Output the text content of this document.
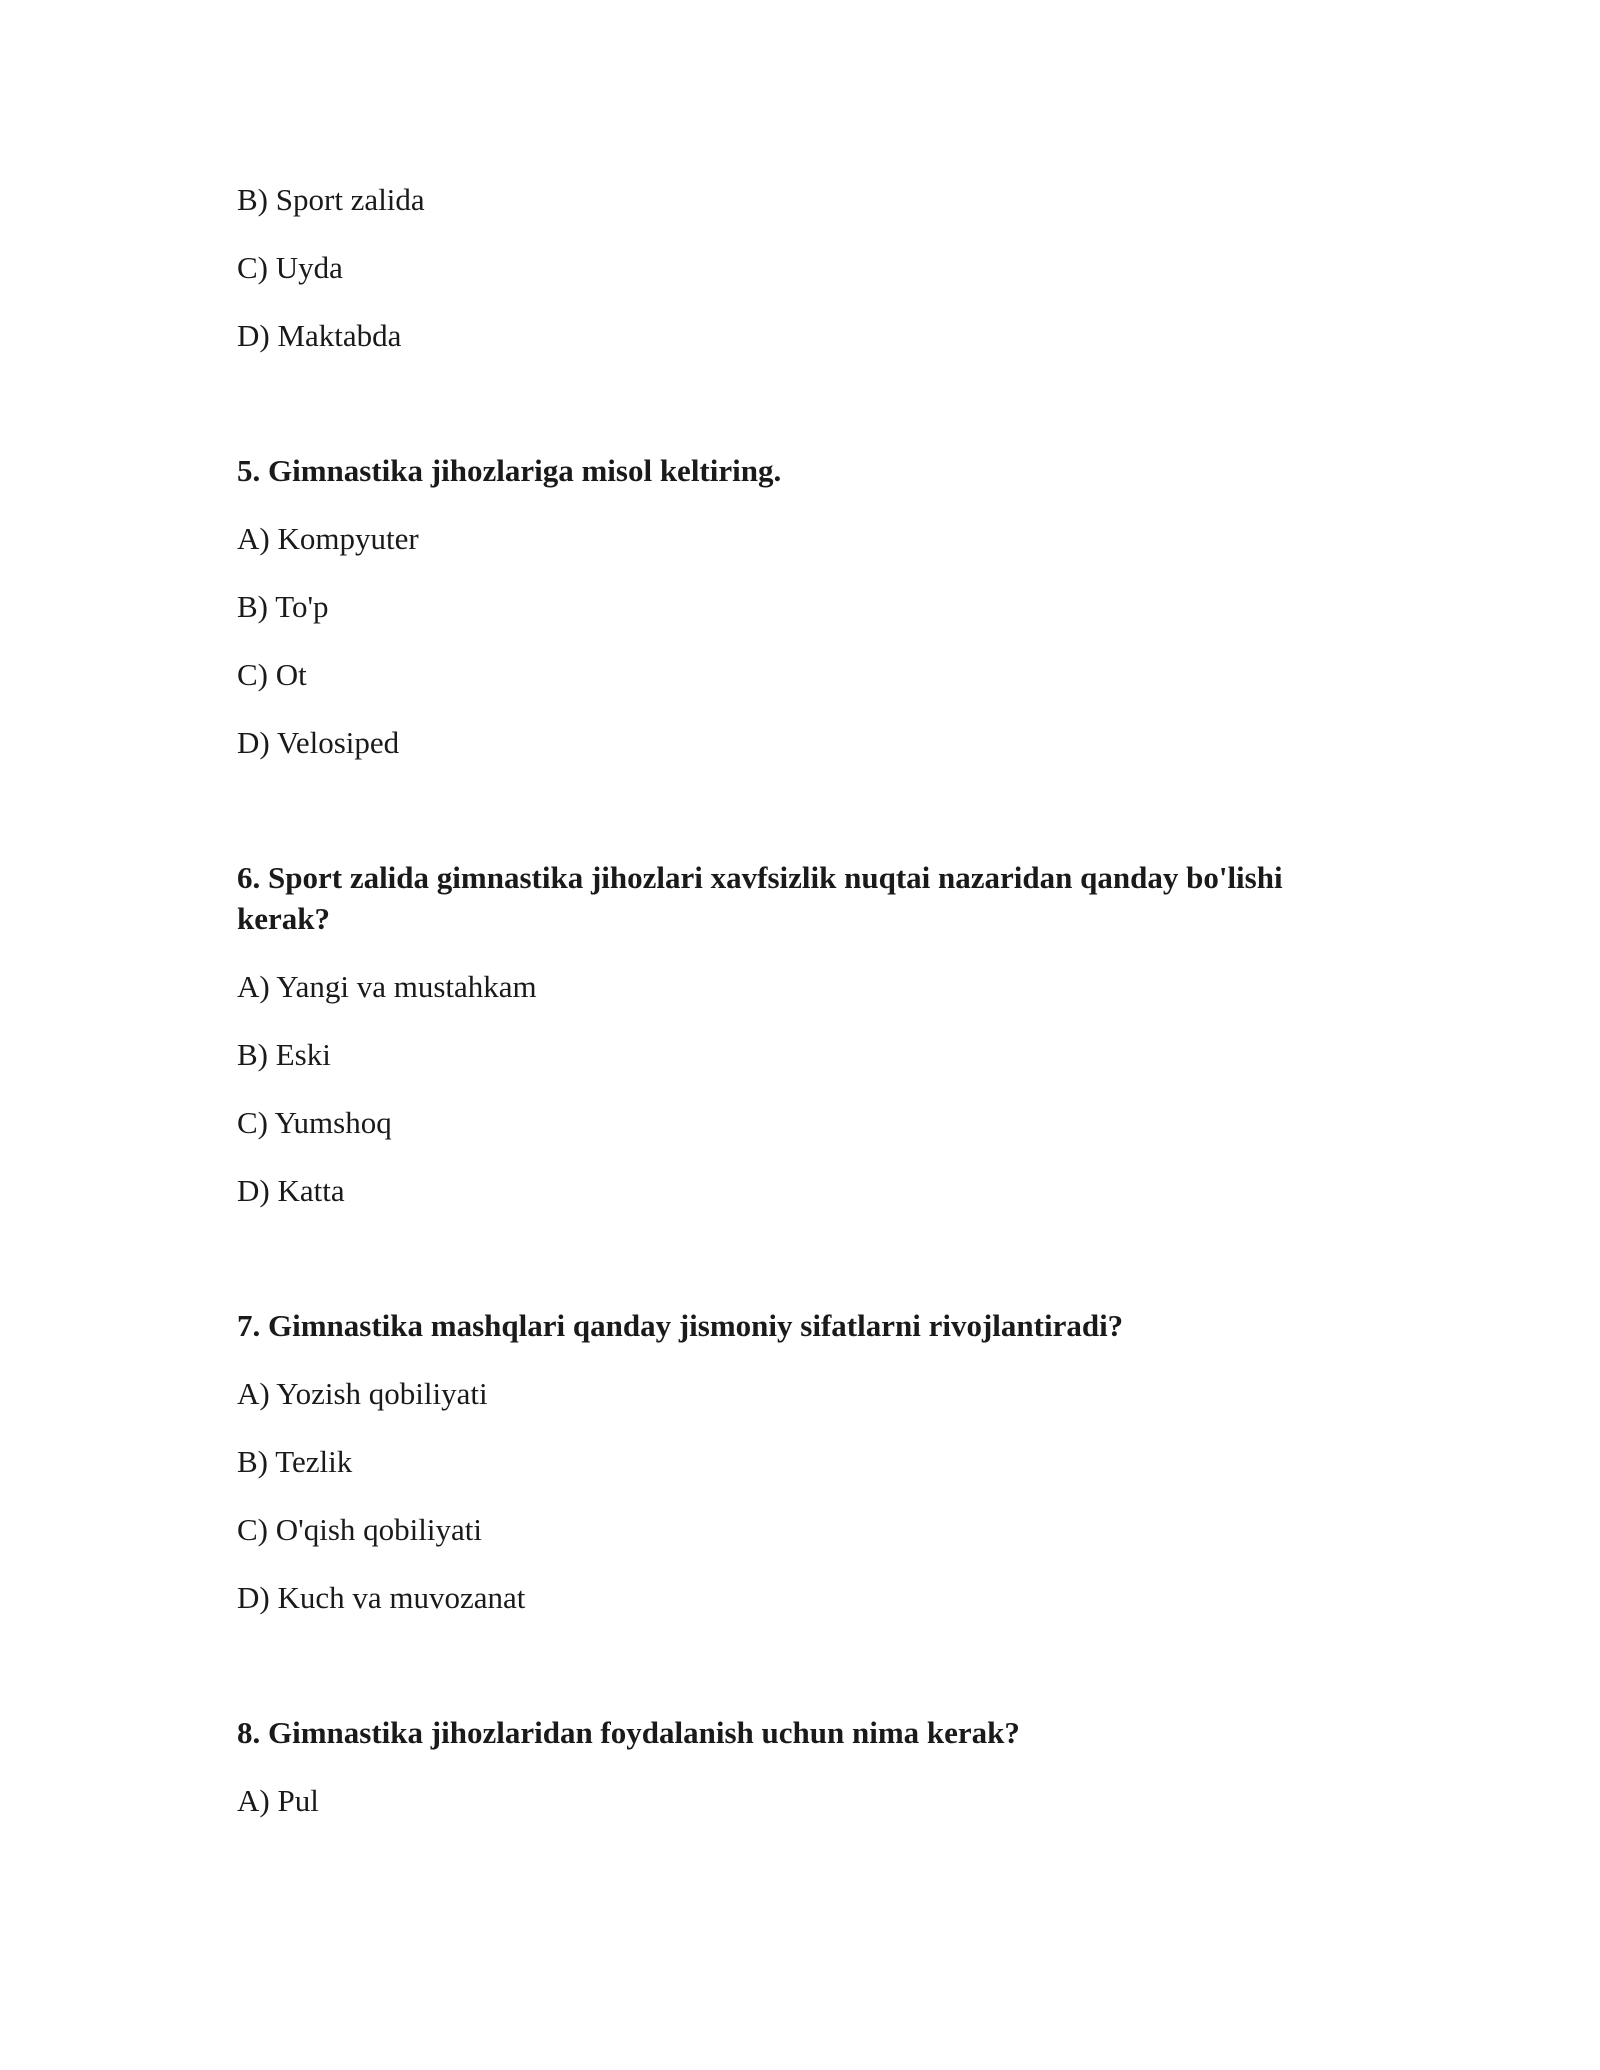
B) Sport zalida

C) Uyda

D) Maktabda

5. Gimnastika jihozlariga misol keltiring.

A) Kompyuter

B) To'p

C) Ot

D) Velosiped

6. Sport zalida gimnastika jihozlari xavfsizlik nuqtai nazaridan qanday bo'lishi kerak?

A) Yangi va mustahkam

B) Eski

C) Yumshoq

D) Katta

7. Gimnastika mashqlari qanday jismoniy sifatlarni rivojlantiradi?

A) Yozish qobiliyati

B) Tezlik

C) O'qish qobiliyati

D) Kuch va muvozanat

8. Gimnastika jihozlaridan foydalanish uchun nima kerak?

A) Pul
